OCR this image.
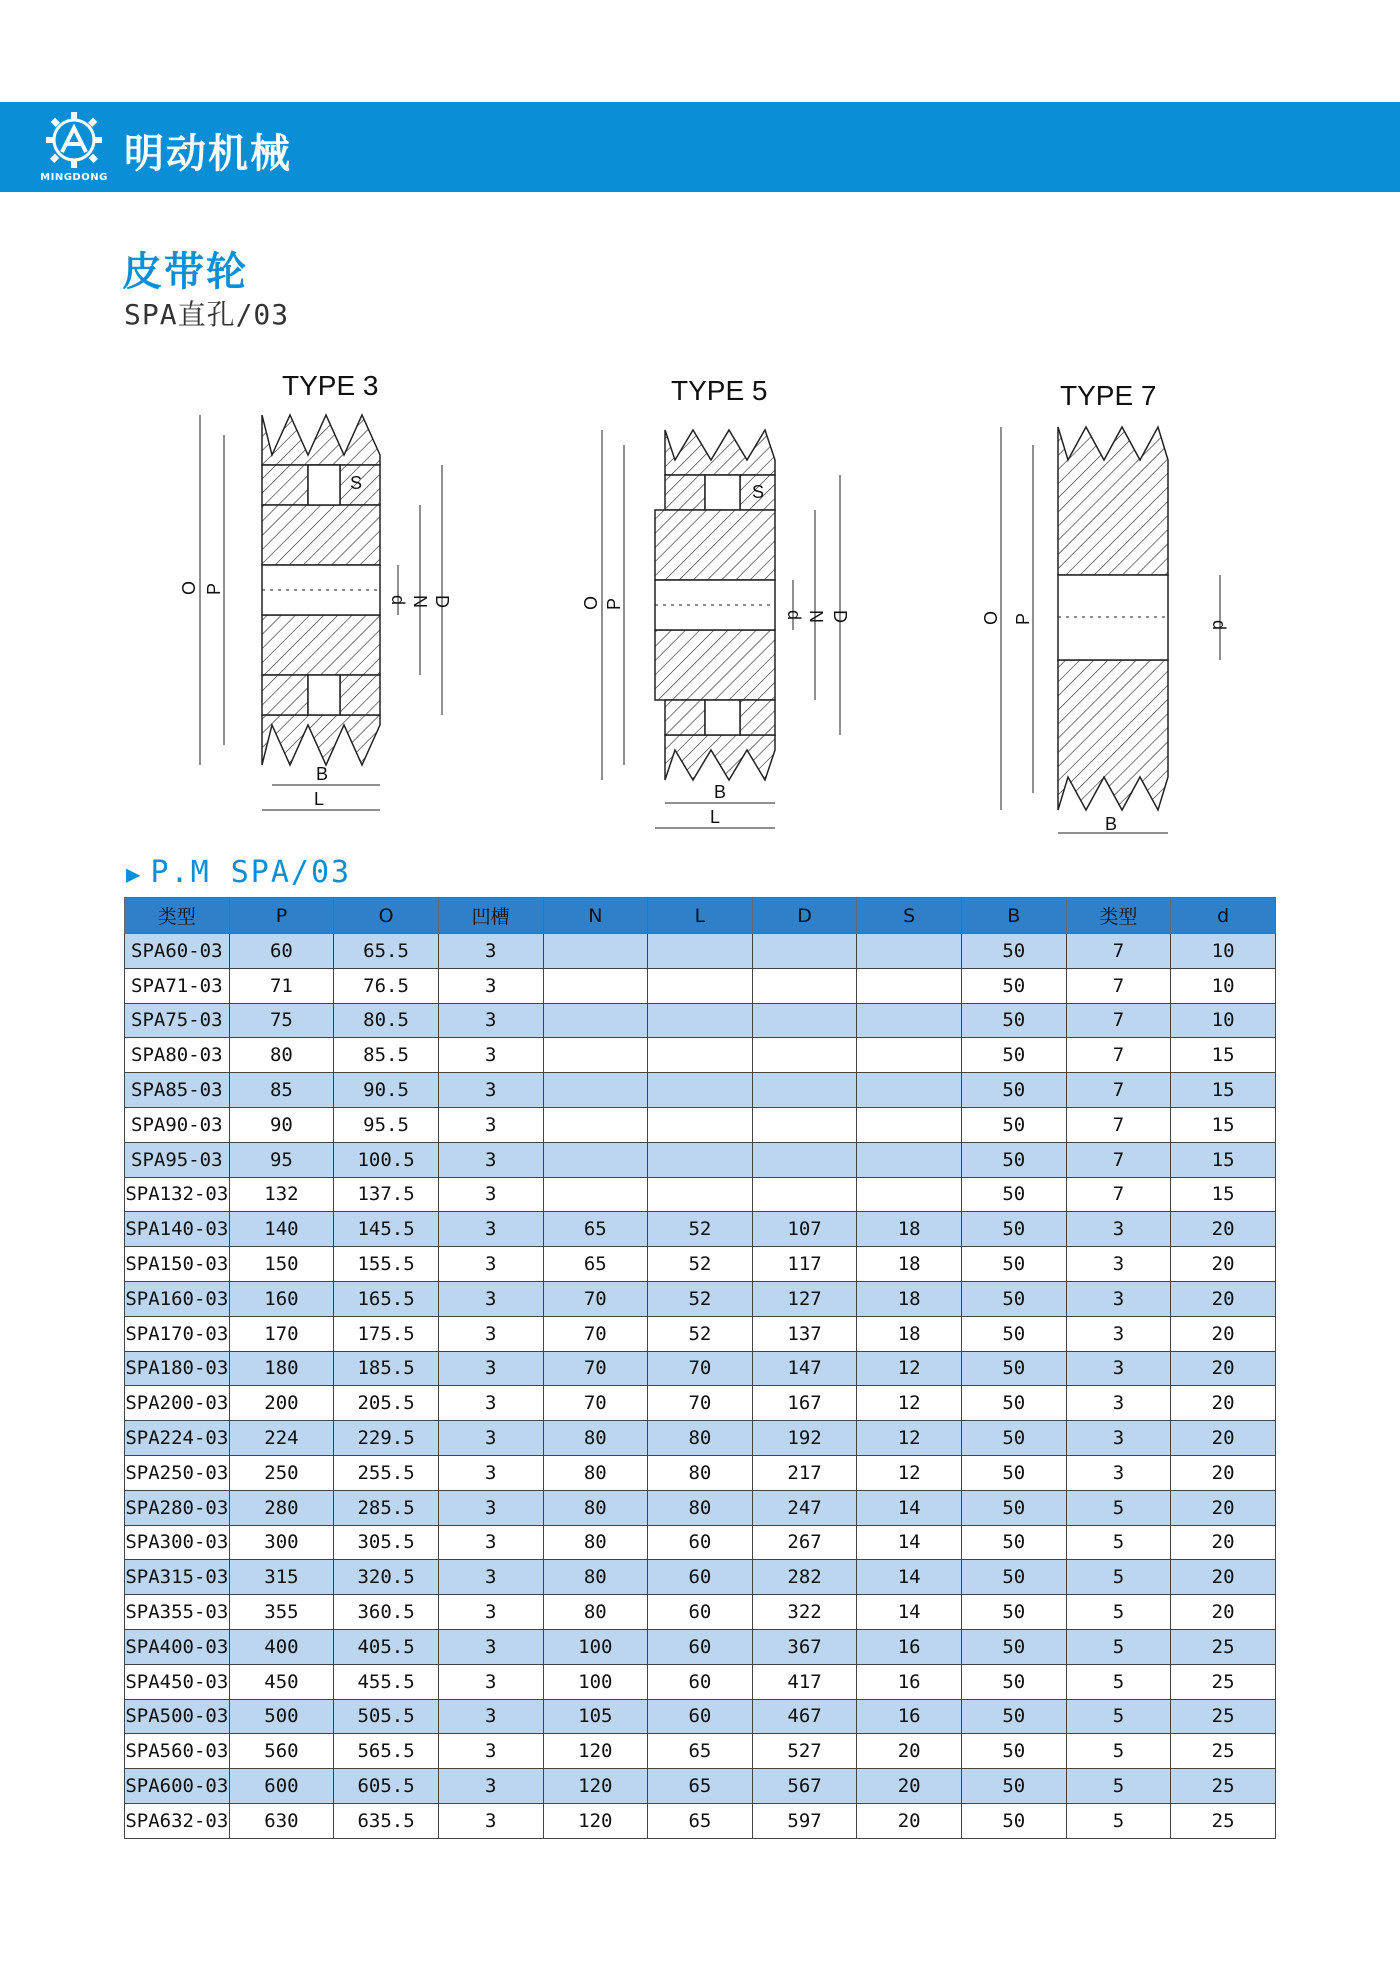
MINGDONG
明动机械
皮带轮
SPA直孔/03
TYPE 3	TYPE 5	TYPE 7
O P
d N D
S
B
L
O P
d N D
S
B
L
O P
d
B
▶ P.M SPA/03
类型	P	O	凹槽	N	L	D	S	B	类型	d
SPA60-03	60	65.5	3					50	7	10
SPA71-03	71	76.5	3					50	7	10
SPA75-03	75	80.5	3					50	7	10
SPA80-03	80	85.5	3					50	7	15
SPA85-03	85	90.5	3					50	7	15
SPA90-03	90	95.5	3					50	7	15
SPA95-03	95	100.5	3					50	7	15
SPA132-03	132	137.5	3					50	7	15
SPA140-03	140	145.5	3	65	52	107	18	50	3	20
SPA150-03	150	155.5	3	65	52	117	18	50	3	20
SPA160-03	160	165.5	3	70	52	127	18	50	3	20
SPA170-03	170	175.5	3	70	52	137	18	50	3	20
SPA180-03	180	185.5	3	70	70	147	12	50	3	20
SPA200-03	200	205.5	3	70	70	167	12	50	3	20
SPA224-03	224	229.5	3	80	80	192	12	50	3	20
SPA250-03	250	255.5	3	80	80	217	12	50	3	20
SPA280-03	280	285.5	3	80	80	247	14	50	5	20
SPA300-03	300	305.5	3	80	60	267	14	50	5	20
SPA315-03	315	320.5	3	80	60	282	14	50	5	20
SPA355-03	355	360.5	3	80	60	322	14	50	5	20
SPA400-03	400	405.5	3	100	60	367	16	50	5	25
SPA450-03	450	455.5	3	100	60	417	16	50	5	25
SPA500-03	500	505.5	3	105	60	467	16	50	5	25
SPA560-03	560	565.5	3	120	65	527	20	50	5	25
SPA600-03	600	605.5	3	120	65	567	20	50	5	25
SPA632-03	630	635.5	3	120	65	597	20	50	5	25
